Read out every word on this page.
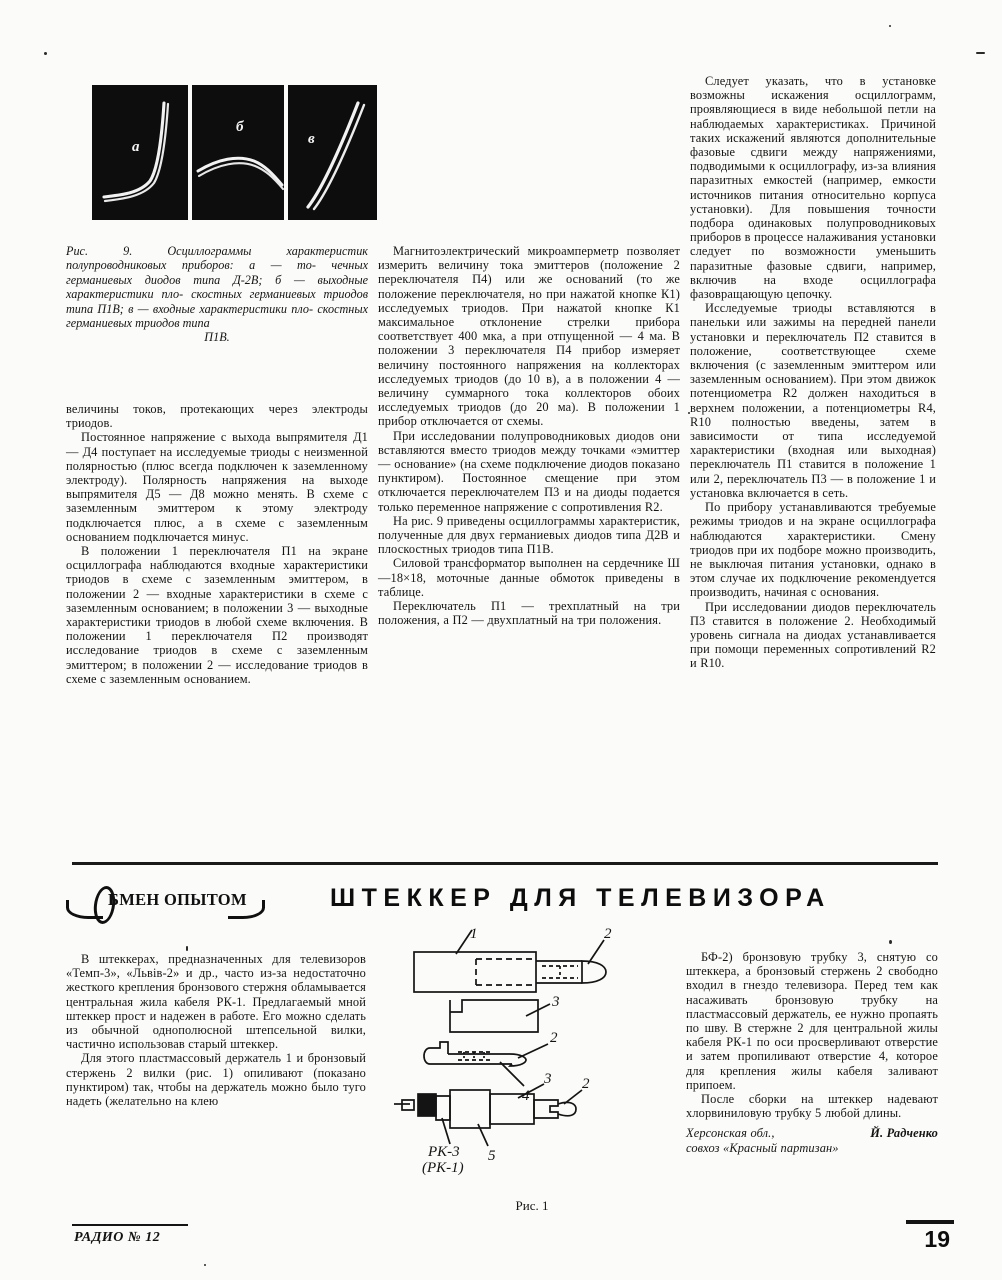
а
б
в
Рис. 9. Осциллограммы характеристик полупроводниковых приборов: а — то- чечных германиевых диодов типа Д-2В; б — выходные характеристики пло- скостных германиевых триодов типа П1В; в — входные характеристики пло- скостных германиевых триодов типа
П1В.

величины токов, протекающих через электроды триодов.

Постоянное напряжение с выхода выпрямителя Д1 — Д4 поступает на исследуемые триоды с неизменной полярностью (плюс всегда подключен к заземленному электроду). Полярность напряжения на выходе выпрямителя Д5 — Д8 можно менять. В схеме с заземленным эмиттером к этому электроду подключается плюс, а в схеме с заземленным основанием подключается минус.

В положении 1 переключателя П1 на экране осциллографа наблюдаются входные характеристики триодов в схеме с заземленным эмиттером, в положении 2 — входные характеристики в схеме с заземленным основанием; в положении 3 — выходные характеристики триодов в любой схеме включения. В положении 1 переключателя П2 производят исследование триодов в схеме с заземленным эмиттером; в положении 2 — исследование триодов в схеме с заземленным основанием.

Магнитоэлектрический микроамперметр позволяет измерить величину тока эмиттеров (положение 2 переключателя П4) или же оснований (то же положение переключателя, но при нажатой кнопке К1) исследуемых триодов. При нажатой кнопке К1 максимальное отклонение стрелки прибора соответствует 400 мка, а при отпущенной — 4 ма. В положении 3 переключателя П4 прибор измеряет величину постоянного напряжения на коллекторах исследуемых триодов (до 10 в), а в положении 4 — величину суммарного тока коллекторов обоих исследуемых триодов (до 20 ма). В положении 1 прибор отключается от схемы.

При исследовании полупроводниковых диодов они вставляются вместо триодов между точками «эмиттер — основание» (на схеме подключение диодов показано пунктиром). Постоянное смещение при этом отключается переключателем П3 и на диоды подается только переменное напряжение с сопротивления R2.

На рис. 9 приведены осциллограммы характеристик, полученные для двух германиевых диодов типа Д2В и плоскостных триодов типа П1В.

Силовой трансформатор выполнен на сердечнике Ш—18×18, моточные данные обмоток приведены в таблице.

Переключатель П1 — трехплатный на три положения, а П2 — двухплатный на три положения.

Следует указать, что в установке возможны искажения осциллограмм, проявляющиеся в виде небольшой петли на наблюдаемых характеристиках. Причиной таких искажений являются дополнительные фазовые сдвиги между напряжениями, подводимыми к осциллографу, из-за влияния паразитных емкостей (например, емкости источников питания относительно корпуса установки). Для повышения точности подбора одинаковых полупроводниковых приборов в процессе налаживания установки следует по возможности уменьшить паразитные фазовые сдвиги, например, включив на входе осциллографа фазовращающую цепочку.

Исследуемые триоды вставляются в панельки или зажимы на передней панели установки и переключатель П2 ставится в положение, соответствующее схеме включения (с заземленным эмиттером или заземленным основанием). При этом движок потенциометра R2 должен находиться в верхнем положении, а потенциометры R4, R10 полностью введены, затем в зависимости от типа исследуемой характеристики (входная или выходная) переключатель П1 ставится в положение 1 или 2, переключатель П3 — в положение 1 и установка включается в сеть.

По прибору устанавливаются требуемые режимы триодов и на экране осциллографа наблюдаются характеристики. Смену триодов при их подборе можно производить, не выключая питания установки, однако в этом случае их подключение рекомендуется производить, начиная с основания.

При исследовании диодов переключатель П3 ставится в положение 2. Необходимый уровень сигнала на диодах устанавливается при помощи переменных сопротивлений R2 и R10.

БМЕН ОПЫТОМ	ШТЕККЕР ДЛЯ ТЕЛЕВИЗОРА

В штеккерах, предназначенных для телевизоров «Темп-3», «Львiв-2» и др., часто из-за недостаточно жесткого крепления бронзового стержня обламывается центральная жила кабеля РК-1. Предлагаемый мной штеккер прост и надежен в работе. Его можно сделать из обычной однополюсной штепсельной вилки, частично использовав старый штеккер.

Для этого пластмассовый держатель 1 и бронзовый стержень 2 вилки (рис. 1) опиливают (показано пунктиром) так, чтобы на держатель можно было туго надеть (желательно на клею

1	2
3
2
4
3 2
5
РК-3
(РК-1)
Рис. 1

БФ-2) бронзовую трубку 3, снятую со штеккера, а бронзовый стержень 2 свободно входил в гнездо телевизора. Перед тем как насаживать бронзовую трубку на пластмассовый держатель, ее нужно пропаять по шву. В стержне 2 для центральной жилы кабеля РК-1 по оси просверливают отверстие и затем пропиливают отверстие 4, которое для крепления жилы кабеля заливают припоем.

После сборки на штеккер надевают хлорвиниловую трубку 5 любой длины.

Й. Радченко
Херсонская обл.,
совхоз «Красный партизан»
РАДИО № 12	19
